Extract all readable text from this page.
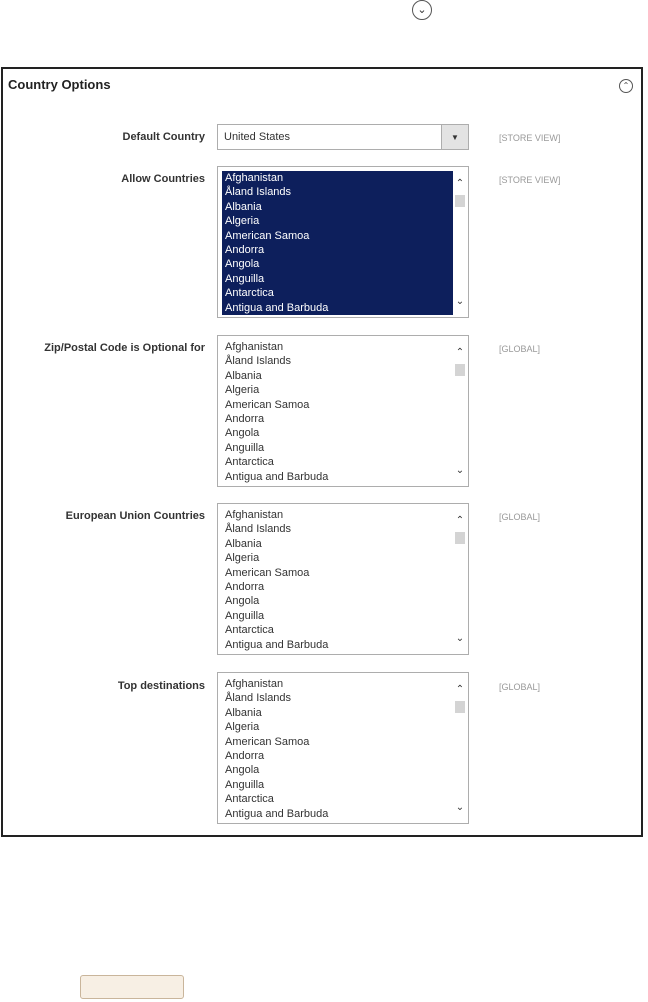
⌄
Country Options	⌃
Default Country United States	▼	[STORE VIEW]
Allow Countries Afghanistan
Åland Islands
Albania
Algeria
American Samoa
Andorra
Angola
Anguilla
Antarctica
Antigua and Barbuda
⌃
⌄
[STORE VIEW]
Zip/Postal Code is Optional for Afghanistan
Åland Islands
Albania
Algeria
American Samoa
Andorra
Angola
Anguilla
Antarctica
Antigua and Barbuda
⌃
⌄
[GLOBAL]
European Union Countries Afghanistan
Åland Islands
Albania
Algeria
American Samoa
Andorra
Angola
Anguilla
Antarctica
Antigua and Barbuda
⌃
⌄
[GLOBAL]
Top destinations Afghanistan
Åland Islands
Albania
Algeria
American Samoa
Andorra
Angola
Anguilla
Antarctica
Antigua and Barbuda
⌃
⌄
[GLOBAL]
